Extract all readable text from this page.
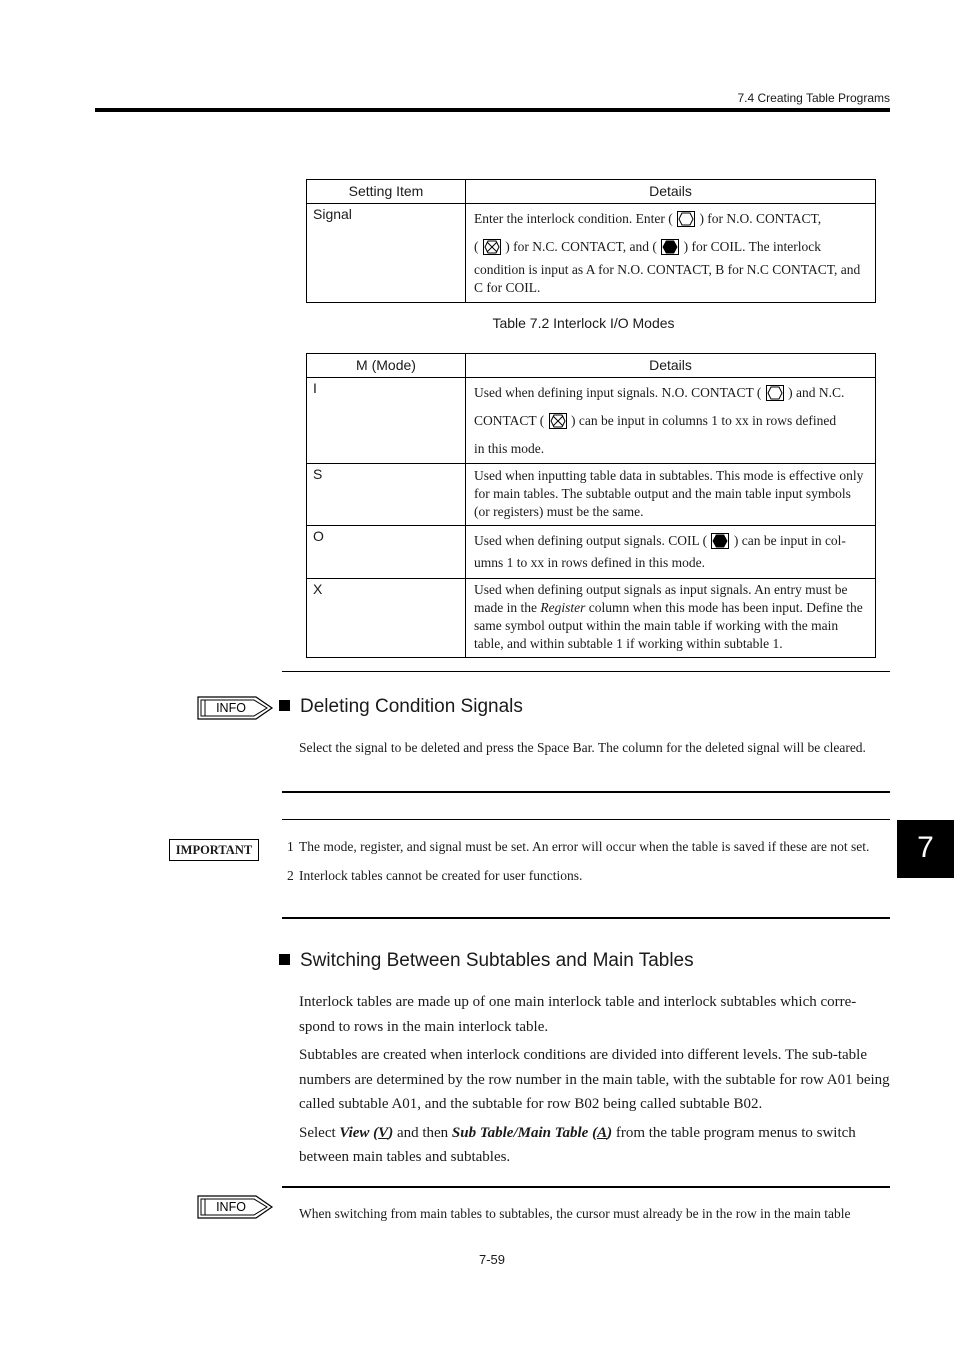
7.4 Creating Table Programs
Setting Item	Details
Signal	Enter the interlock condition. Enter ( ) for N.O. CONTACT,
( ) for N.C. CONTACT, and ( ) for COIL. The interlock
condition is input as A for N.O. CONTACT, B for N.C CONTACT, and C for COIL.
Table 7.2 Interlock I/O Modes
M (Mode)	Details
I	Used when defining input signals. N.O. CONTACT ( ) and N.C.
CONTACT ( ) can be input in columns 1 to xx in rows defined
in this mode.
S	Used when inputting table data in subtables. This mode is effective only for main tables. The subtable output and the main table input symbols (or registers) must be the same.
O	Used when defining output signals. COIL ( ) can be input in col-
umns 1 to xx in rows defined in this mode.
X	Used when defining output signals as input signals. An entry must be made in the Register column when this mode has been input. Define the same symbol output within the main table if working with the main table, and within subtable 1 if working within subtable 1.
INFO	Deleting Condition Signals
Select the signal to be deleted and press the Space Bar. The column for the deleted signal will be cleared.
IMPORTANT	1 The mode, register, and signal must be set. An error will occur when the table is saved if these are not set.
2 Interlock tables cannot be created for user functions.
7
Switching Between Subtables and Main Tables

Interlock tables are made up of one main interlock table and interlock subtables which corre-spond to rows in the main interlock table.

Subtables are created when interlock conditions are divided into different levels. The sub-table numbers are determined by the row number in the main table, with the subtable for row A01 being called subtable A01, and the subtable for row B02 being called subtable B02.

Select View (V) and then Sub Table/Main Table (A) from the table program menus to switch between main tables and subtables.

INFO	When switching from main tables to subtables, the cursor must already be in the row in the main table
7-59
